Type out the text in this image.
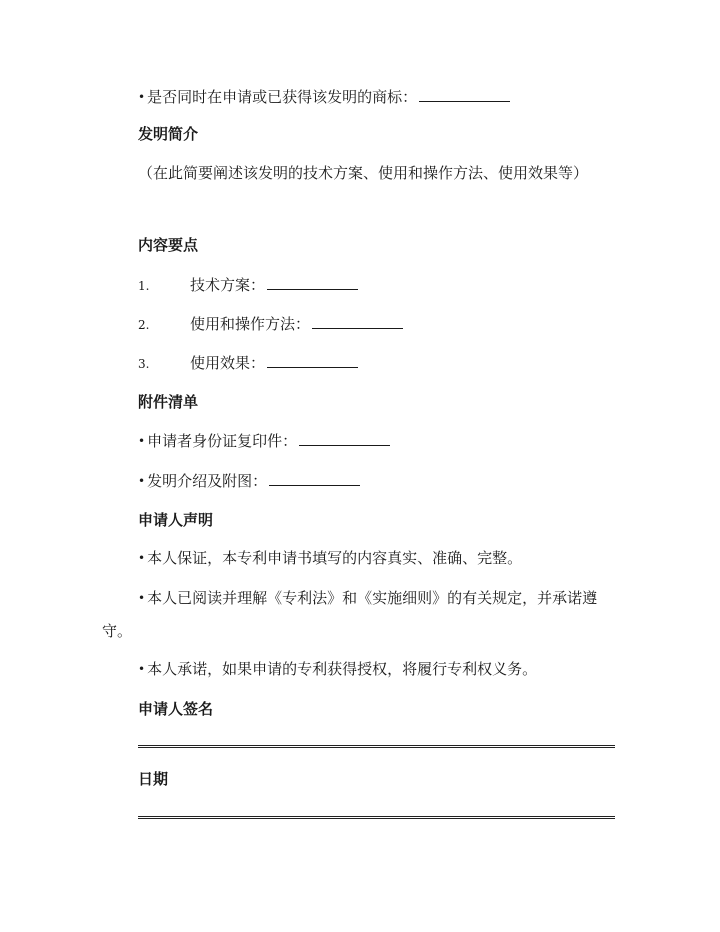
• 是否同时在申请或已获得该发明的商标：
发明简介
（在此简要阐述该发明的技术方案、使用和操作方法、使用效果等）
内容要点
1.	技术方案：
2.	使用和操作方法：
3.	使用效果：
附件清单
• 申请者身份证复印件：
• 发明介绍及附图：
申请人声明
• 本人保证，本专利申请书填写的内容真实、准确、完整。
• 本人已阅读并理解《专利法》和《实施细则》的有关规定，并承诺遵守。
• 本人承诺，如果申请的专利获得授权，将履行专利权义务。
申请人签名
日期
